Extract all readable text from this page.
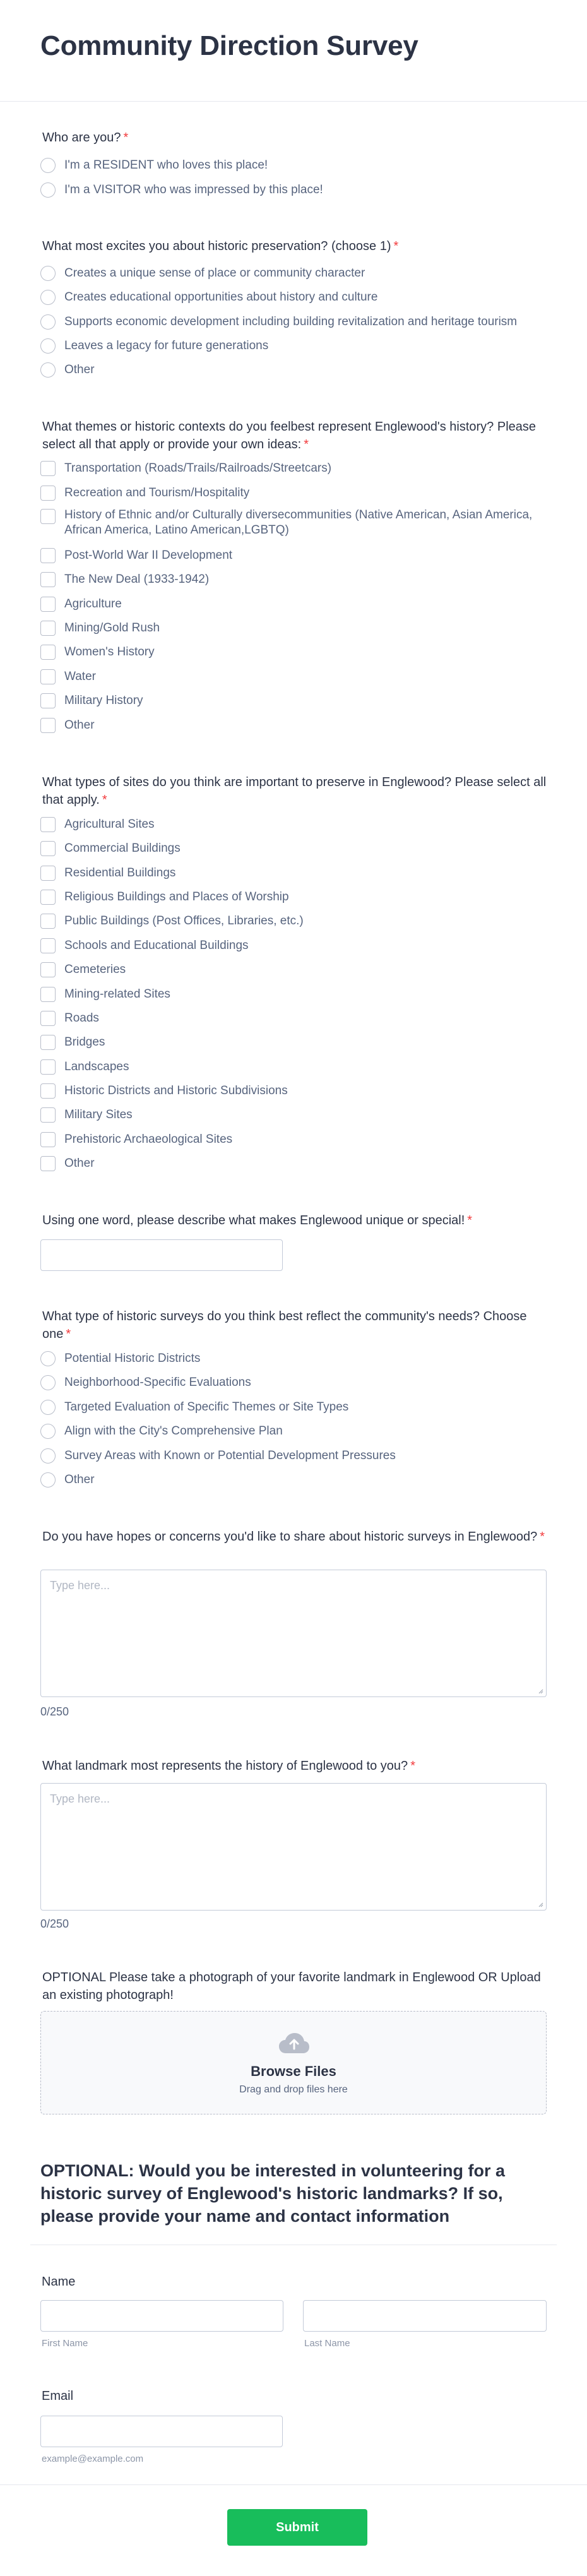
Community Direction Survey
Who are you? *
I'm a RESIDENT who loves this place!
I'm a VISITOR who was impressed by this place!
What most excites you about historic preservation? (choose 1) *
Creates a unique sense of place or community character
Creates educational opportunities about history and culture
Supports economic development including building revitalization and heritage tourism
Leaves a legacy for future generations
Other
What themes or historic contexts do you feelbest represent Englewood's history? Please select all that apply or provide your own ideas: *
Transportation (Roads/Trails/Railroads/Streetcars)
Recreation and Tourism/Hospitality
History of Ethnic and/or Culturally diversecommunities (Native American, Asian America, African America, Latino American,LGBTQ)
Post-World War II Development
The New Deal (1933-1942)
Agriculture
Mining/Gold Rush
Women's History
Water
Military History
Other
What types of sites do you think are important to preserve in Englewood? Please select all that apply. *
Agricultural Sites
Commercial Buildings
Residential Buildings
Religious Buildings and Places of Worship
Public Buildings (Post Offices, Libraries, etc.)
Schools and Educational Buildings
Cemeteries
Mining-related Sites
Roads
Bridges
Landscapes
Historic Districts and Historic Subdivisions
Military Sites
Prehistoric Archaeological Sites
Other
Using one word, please describe what makes Englewood unique or special! *
What type of historic surveys do you think best reflect the community's needs? Choose one *
Potential Historic Districts
Neighborhood-Specific Evaluations
Targeted Evaluation of Specific Themes or Site Types
Align with the City's Comprehensive Plan
Survey Areas with Known or Potential Development Pressures
Other
Do you have hopes or concerns you'd like to share about historic surveys in Englewood? *
Type here...
0/250
What landmark most represents the history of Englewood to you? *
Type here...
0/250
OPTIONAL Please take a photograph of your favorite landmark in Englewood OR Upload an existing photograph!
Browse Files
Drag and drop files here
OPTIONAL: Would you be interested in volunteering for a historic survey of Englewood's historic landmarks? If so, please provide your name and contact information
Name
First Name	Last Name
Email
example@example.com
Submit
